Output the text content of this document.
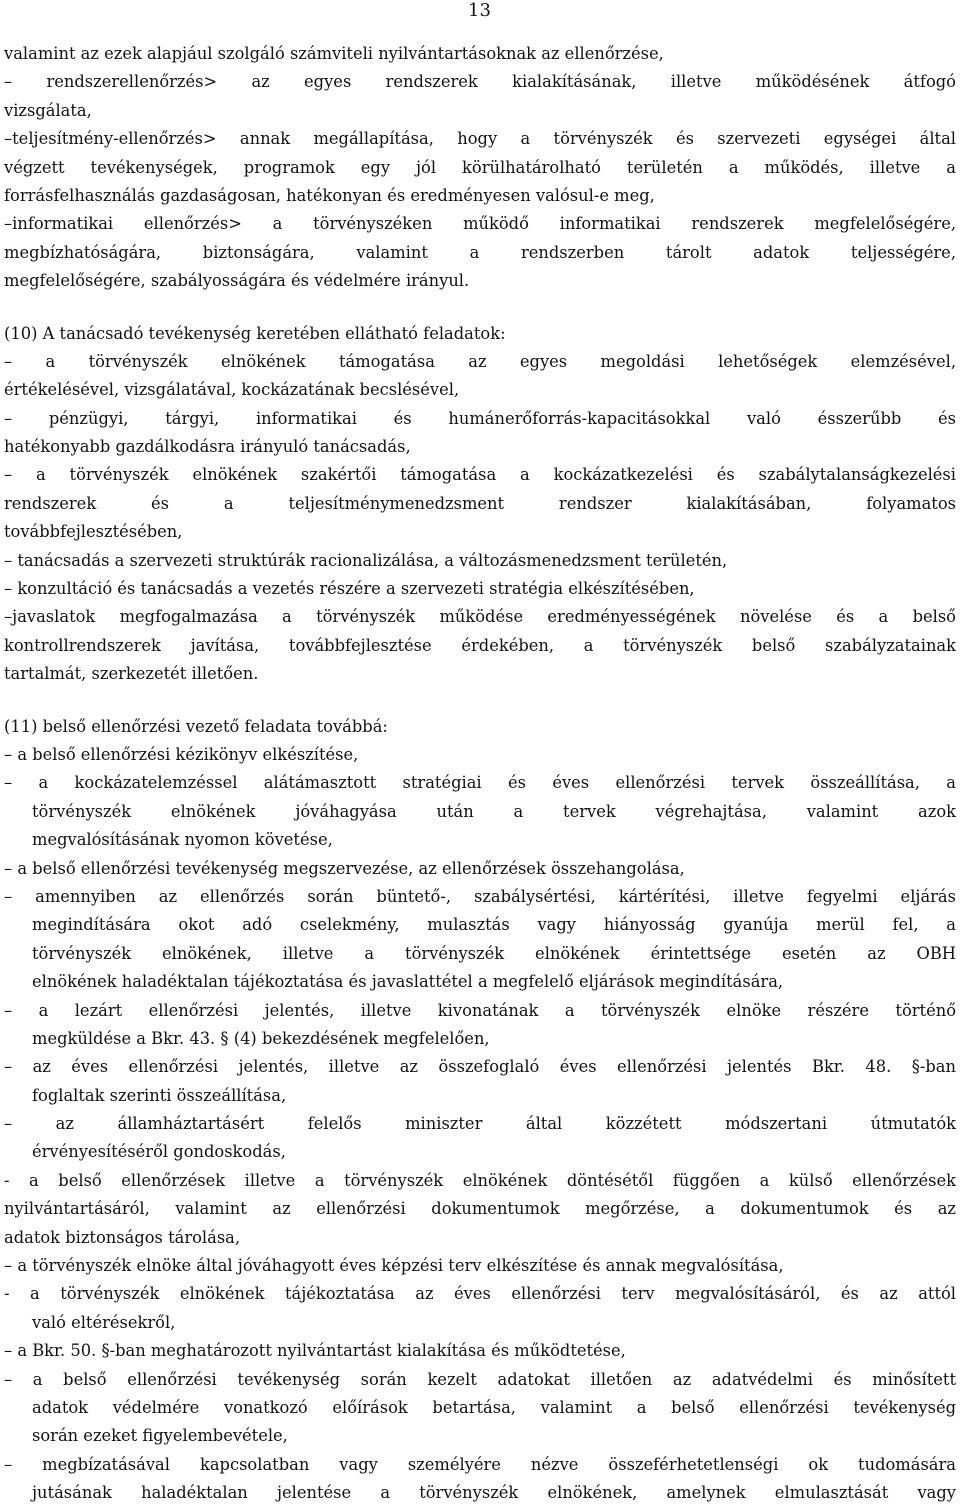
13
valamint az ezek alapjául szolgáló számviteli nyilvántartásoknak az ellenőrzése,
– rendszerellenőrzés> az egyes rendszerek kialakításának, illetve működésének átfogó
vizsgálata,
–teljesítmény-ellenőrzés> annak megállapítása, hogy a törvényszék és szervezeti egységei által
végzett tevékenységek, programok egy jól körülhatárolható területén a működés, illetve a
forrásfelhasználás gazdaságosan, hatékonyan és eredményesen valósul-e meg,
–informatikai ellenőrzés> a törvényszéken működő informatikai rendszerek megfelelőségére,
megbízhatóságára, biztonságára, valamint a rendszerben tárolt adatok teljességére,
megfelelőségére, szabályosságára és védelmére irányul.
(10) A tanácsadó tevékenység keretében ellátható feladatok:
– a törvényszék elnökének támogatása az egyes megoldási lehetőségek elemzésével,
értékelésével, vizsgálatával, kockázatának becslésével,
– pénzügyi, tárgyi, informatikai és humánerőforrás-kapacitásokkal való ésszerűbb és
hatékonyabb gazdálkodásra irányuló tanácsadás,
– a törvényszék elnökének szakértői támogatása a kockázatkezelési és szabálytalanságkezelési
rendszerek és a teljesítménymenedzsment rendszer kialakításában, folyamatos
továbbfejlesztésében,
– tanácsadás a szervezeti struktúrák racionalizálása, a változásmenedzsment területén,
– konzultáció és tanácsadás a vezetés részére a szervezeti stratégia elkészítésében,
–javaslatok megfogalmazása a törvényszék működése eredményességének növelése és a belső
kontrollrendszerek javítása, továbbfejlesztése érdekében, a törvényszék belső szabályzatainak
tartalmát, szerkezetét illetően.
(11) belső ellenőrzési vezető feladata továbbá:
– a belső ellenőrzési kézikönyv elkészítése,
– a kockázatelemzéssel alátámasztott stratégiai és éves ellenőrzési tervek összeállítása, a
törvényszék elnökének jóváhagyása után a tervek végrehajtása, valamint azok
megvalósításának nyomon követése,
– a belső ellenőrzési tevékenység megszervezése, az ellenőrzések összehangolása,
– amennyiben az ellenőrzés során büntető-, szabálysértési, kártérítési, illetve fegyelmi eljárás
megindítására okot adó cselekmény, mulasztás vagy hiányosság gyanúja merül fel, a
törvényszék elnökének, illetve a törvényszék elnökének érintettsége esetén az OBH
elnökének haladéktalan tájékoztatása és javaslattétel a megfelelő eljárások megindítására,
– a lezárt ellenőrzési jelentés, illetve kivonatának a törvényszék elnöke részére történő
megküldése a Bkr. 43. § (4) bekezdésének megfelelően,
– az éves ellenőrzési jelentés, illetve az összefoglaló éves ellenőrzési jelentés Bkr. 48. §-ban
foglaltak szerinti összeállítása,
– az államháztartásért felelős miniszter által közzétett módszertani útmutatók
érvényesítéséről gondoskodás,
- a belső ellenőrzések illetve a törvényszék elnökének döntésétől függően a külső ellenőrzések
nyilvántartásáról, valamint az ellenőrzési dokumentumok megőrzése, a dokumentumok és az
adatok biztonságos tárolása,
– a törvényszék elnöke által jóváhagyott éves képzési terv elkészítése és annak megvalósítása,
- a törvényszék elnökének tájékoztatása az éves ellenőrzési terv megvalósításáról, és az attól
való eltérésekről,
– a Bkr. 50. §-ban meghatározott nyilvántartást kialakítása és működtetése,
– a belső ellenőrzési tevékenység során kezelt adatokat illetően az adatvédelmi és minősített
adatok védelmére vonatkozó előírások betartása, valamint a belső ellenőrzési tevékenység
során ezeket figyelembevétele,
– megbízatásával kapcsolatban vagy személyére nézve összeférhetetlenségi ok tudomására
jutásának haladéktalan jelentése a törvényszék elnökének, amelynek elmulasztását vagy
